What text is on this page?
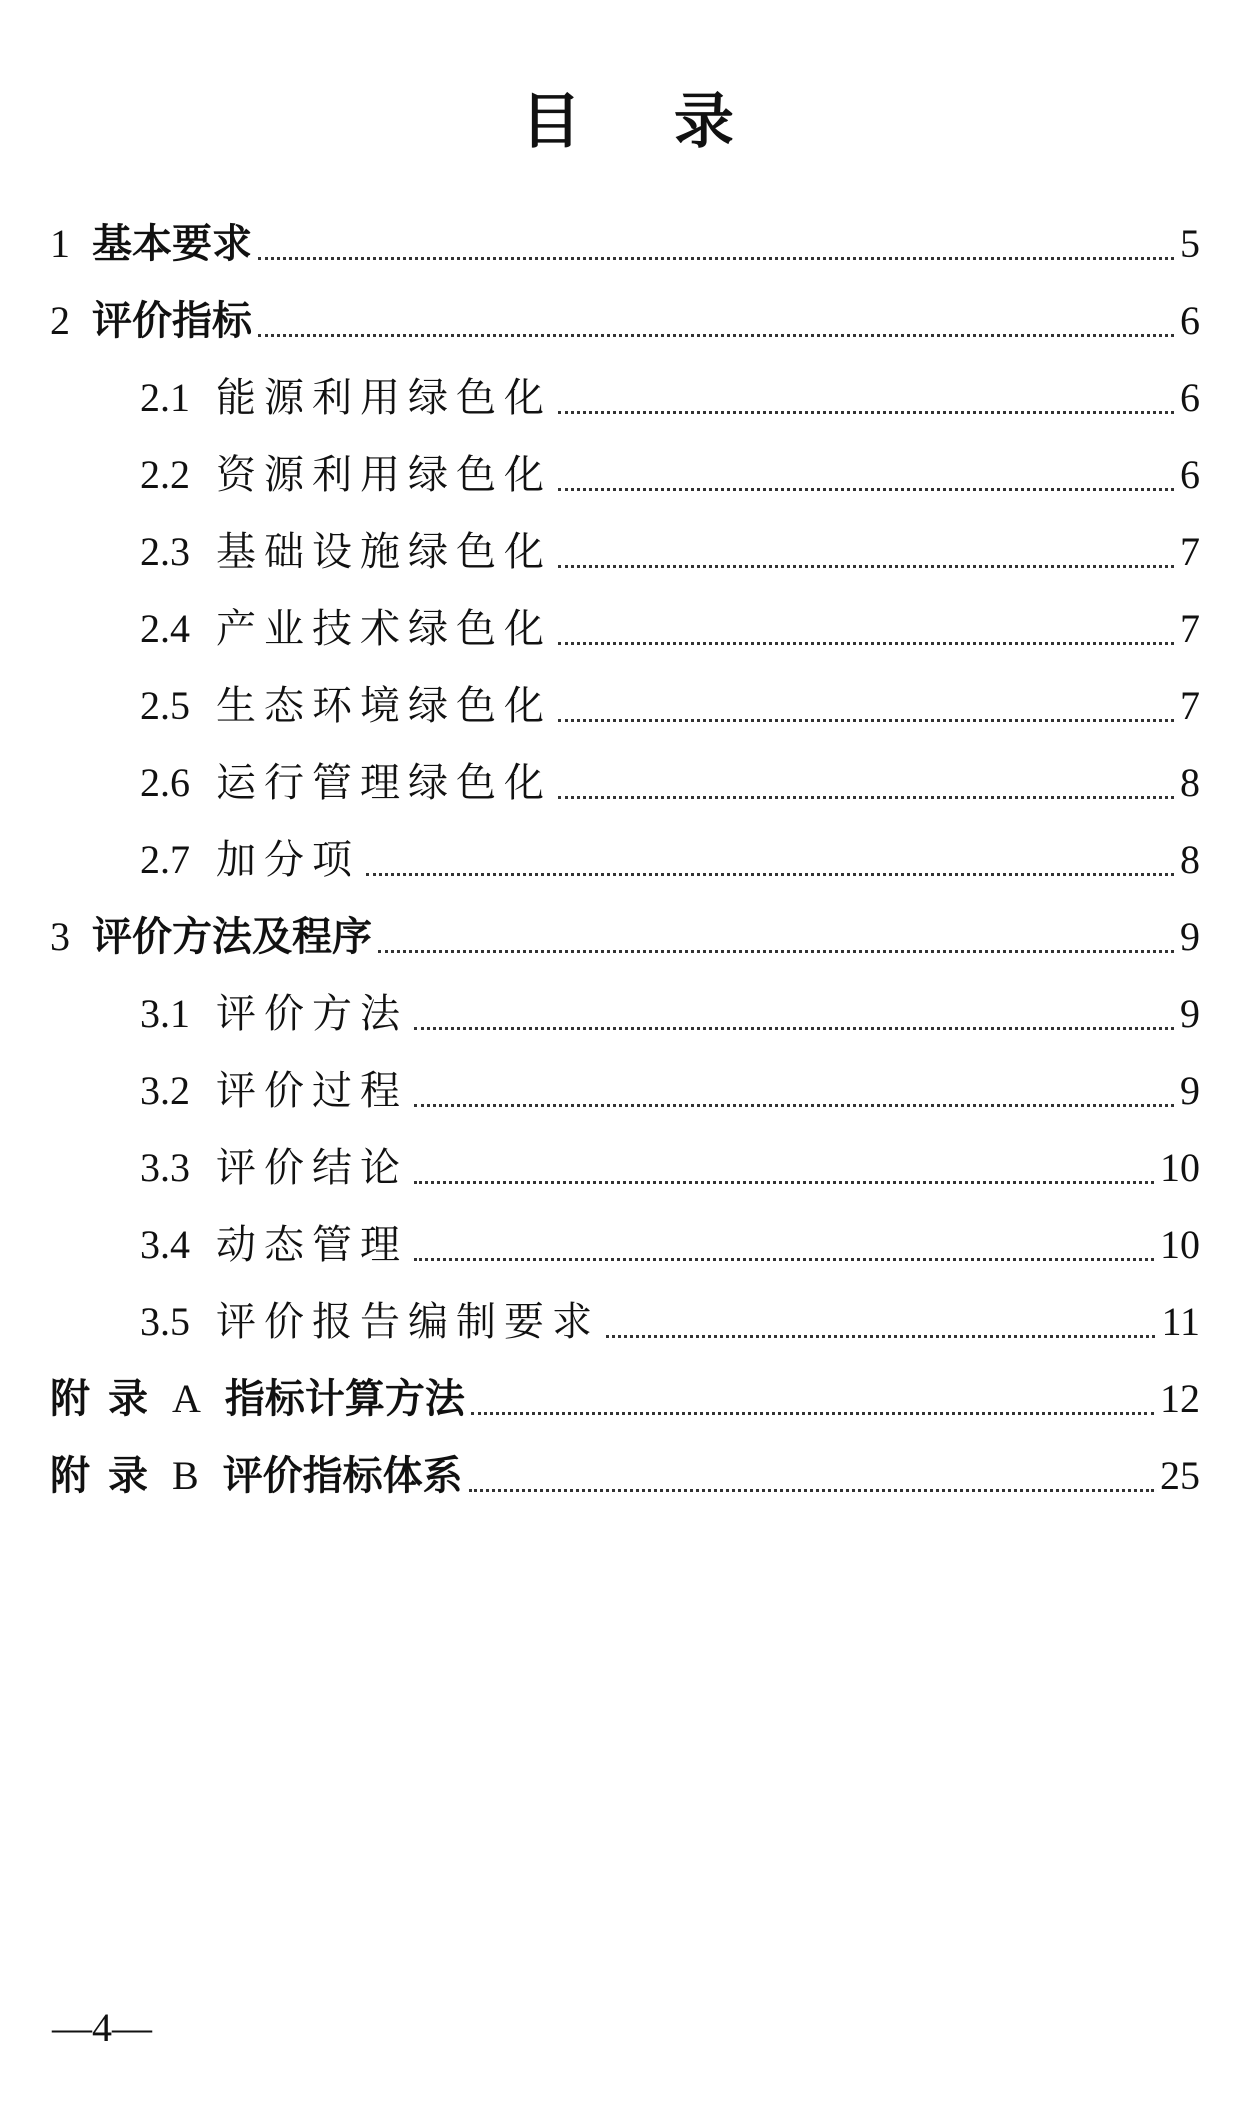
目 录
1 基本要求	5
2 评价指标	6
2.1 能源利用绿色化	6
2.2 资源利用绿色化	6
2.3 基础设施绿色化	7
2.4 产业技术绿色化	7
2.5 生态环境绿色化	7
2.6 运行管理绿色化	8
2.7 加分项	8
3 评价方法及程序	9
3.1 评价方法	9
3.2 评价过程	9
3.3 评价结论	10
3.4 动态管理	10
3.5 评价报告编制要求	11
附录 A 指标计算方法	12
附录 B 评价指标体系	25
—4—
